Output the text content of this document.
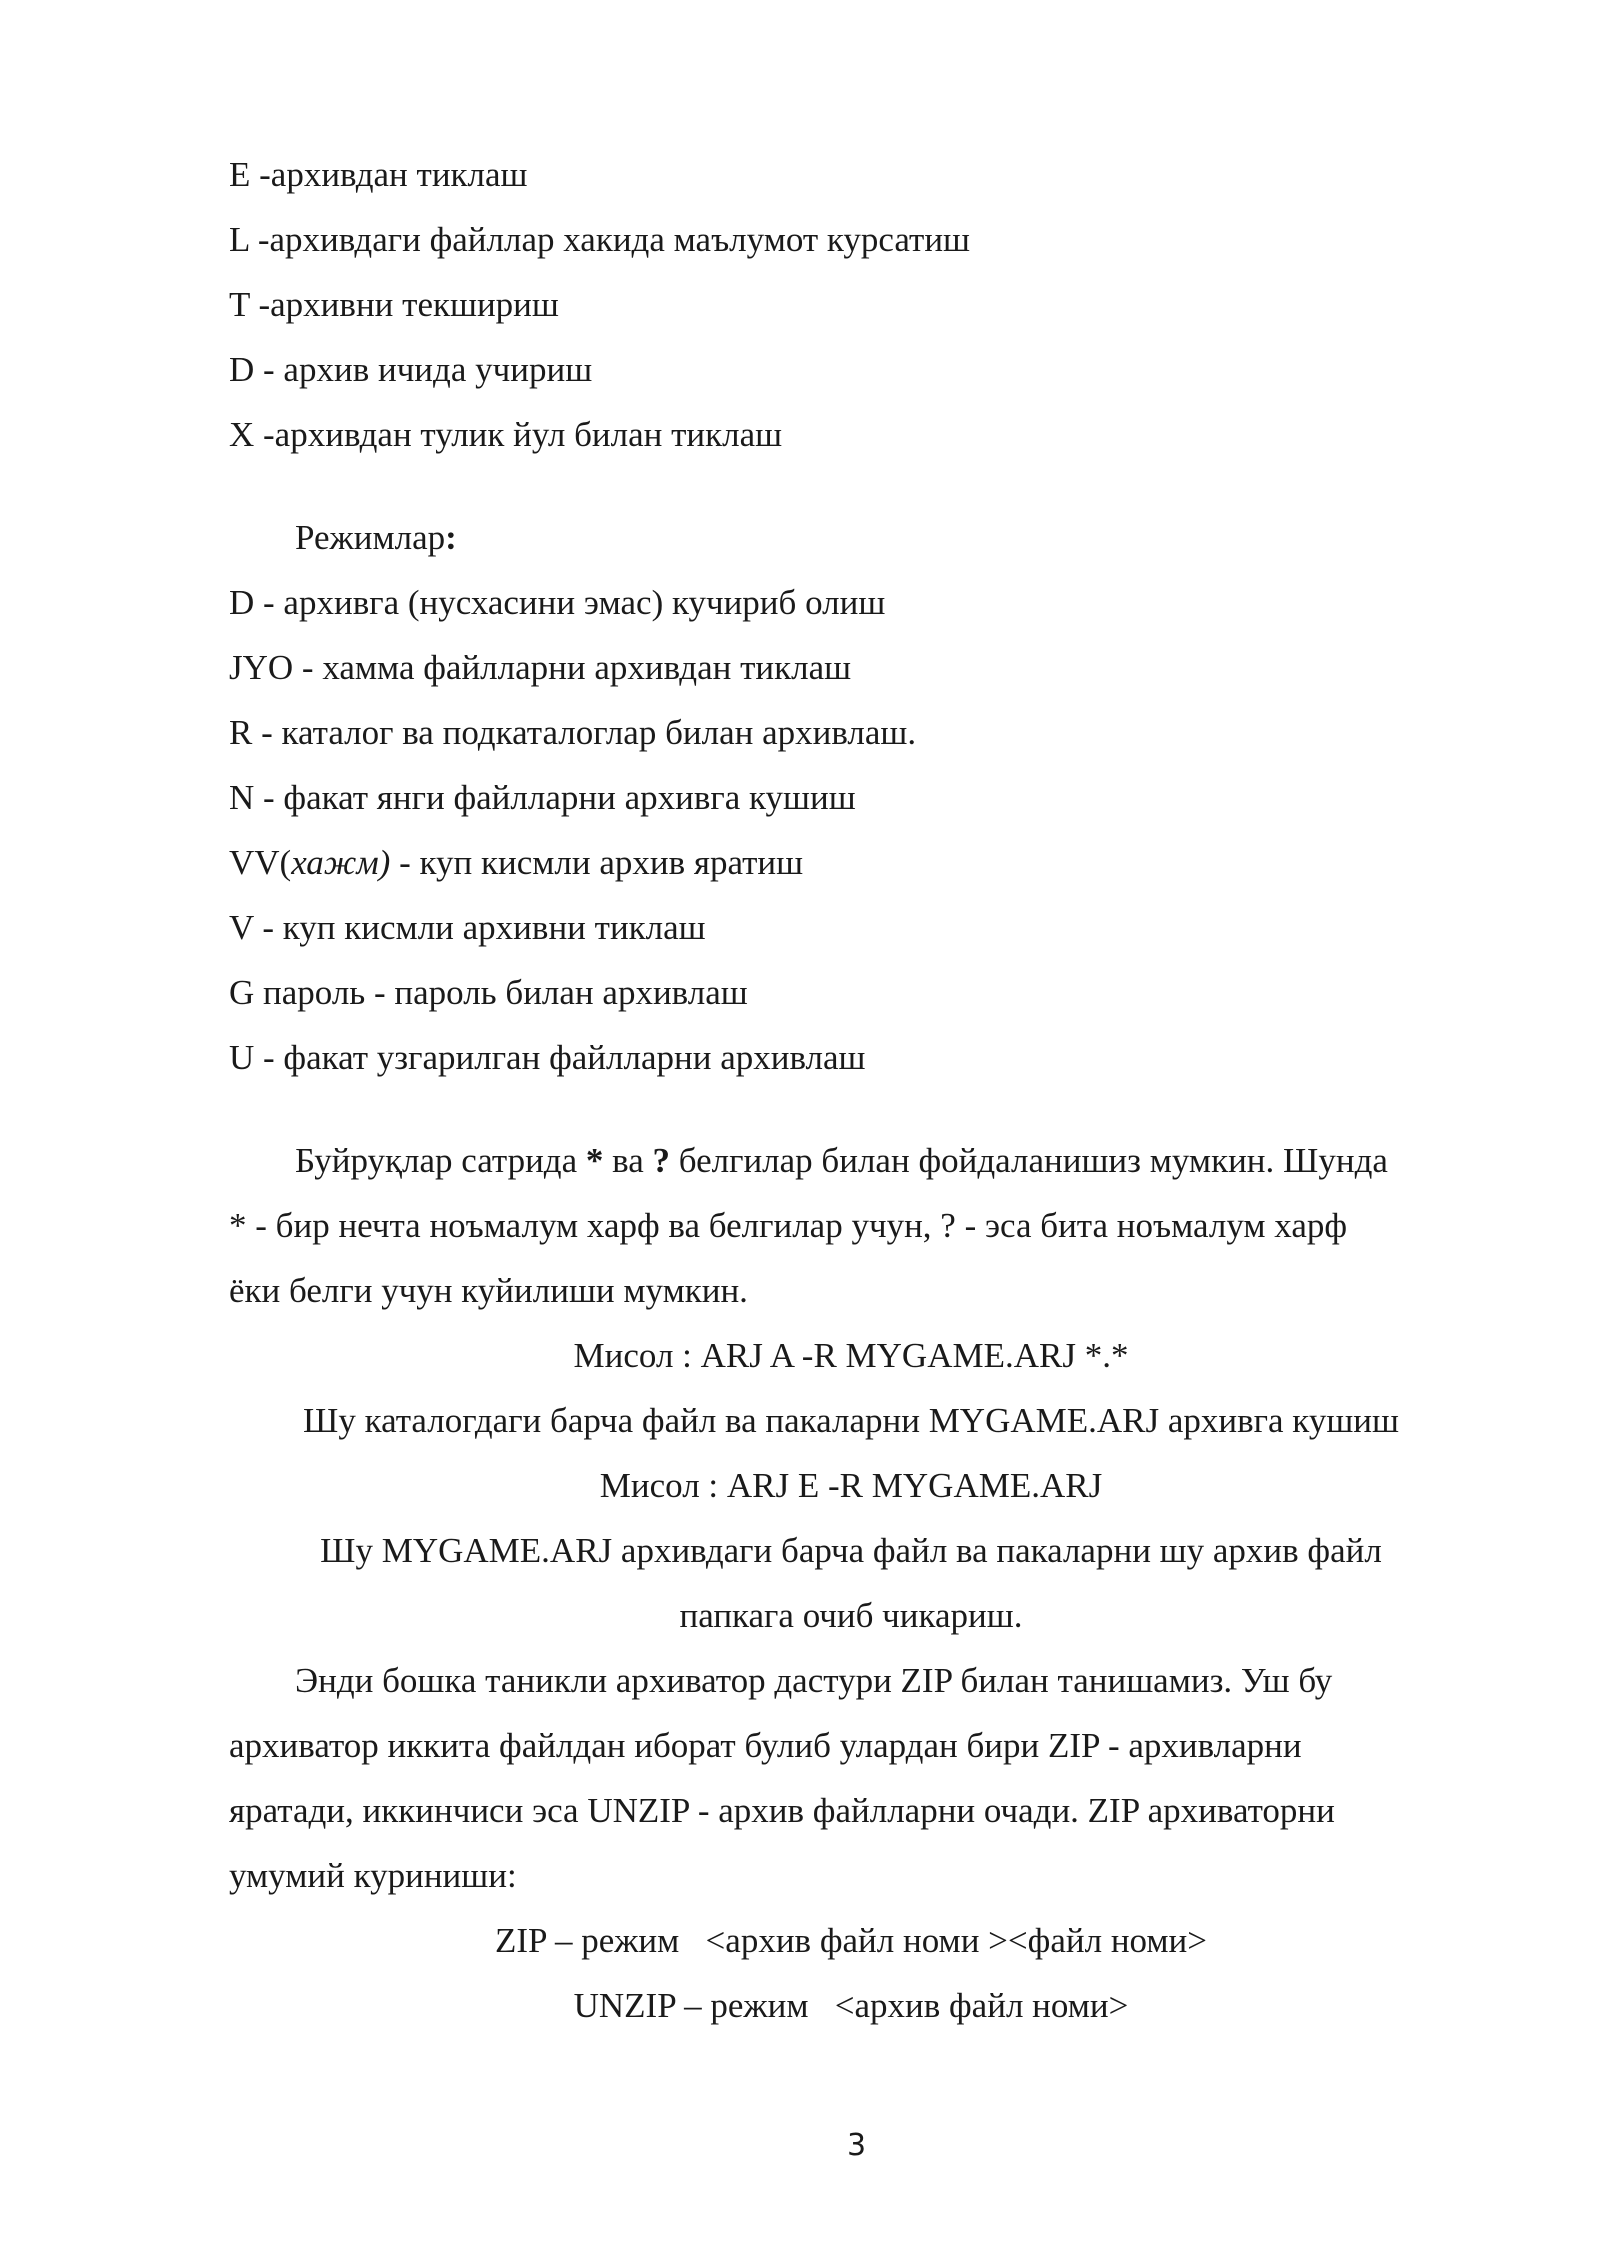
E -архивдан тиклаш
L -архивдаги файллар хакида маълумот курсатиш
T -архивни текшириш
D - архив ичида учириш
X -архивдан тулик йул билан тиклаш
Режимлар:
D - архивга (нусхасини эмас) кучириб олиш
JYO - хамма файлларни архивдан тиклаш
R - каталог ва подкаталоглар билан архивлаш.
N - факат янги файлларни архивга кушиш
VV(хажм) - куп кисмли архив яратиш
V - куп кисмли архивни тиклаш
G пароль - пароль билан архивлаш
U - факат узгарилган файлларни архивлаш
Буйруқлар сатрида * ва ? белгилар билан фойдаланишиз мумкин. Шунда
* - бир нечта ноъмалум харф ва белгилар учун, ? - эса бита ноъмалум харф
ёки белги учун куйилиши мумкин.
Мисол : ARJ A -R MYGAME.ARJ *.*
Шу каталогдаги барча файл ва пакаларни MYGAME.ARJ архивга кушиш
Мисол : ARJ E -R MYGAME.ARJ
Шу MYGAME.ARJ архивдаги барча файл ва пакаларни шу архив файл
папкага очиб чикариш.
Энди бошка таникли архиватор дастури ZIP билан танишамиз. Уш бу
архиватор иккита файлдан иборат булиб улардан бири ZIP - архивларни
яратади, иккинчиси эса UNZIP - архив файлларни очади. ZIP архиваторни
умумий куриниши:
ZIP – режим   <архив файл номи ><файл номи>
UNZIP – режим   <архив файл номи>
3
